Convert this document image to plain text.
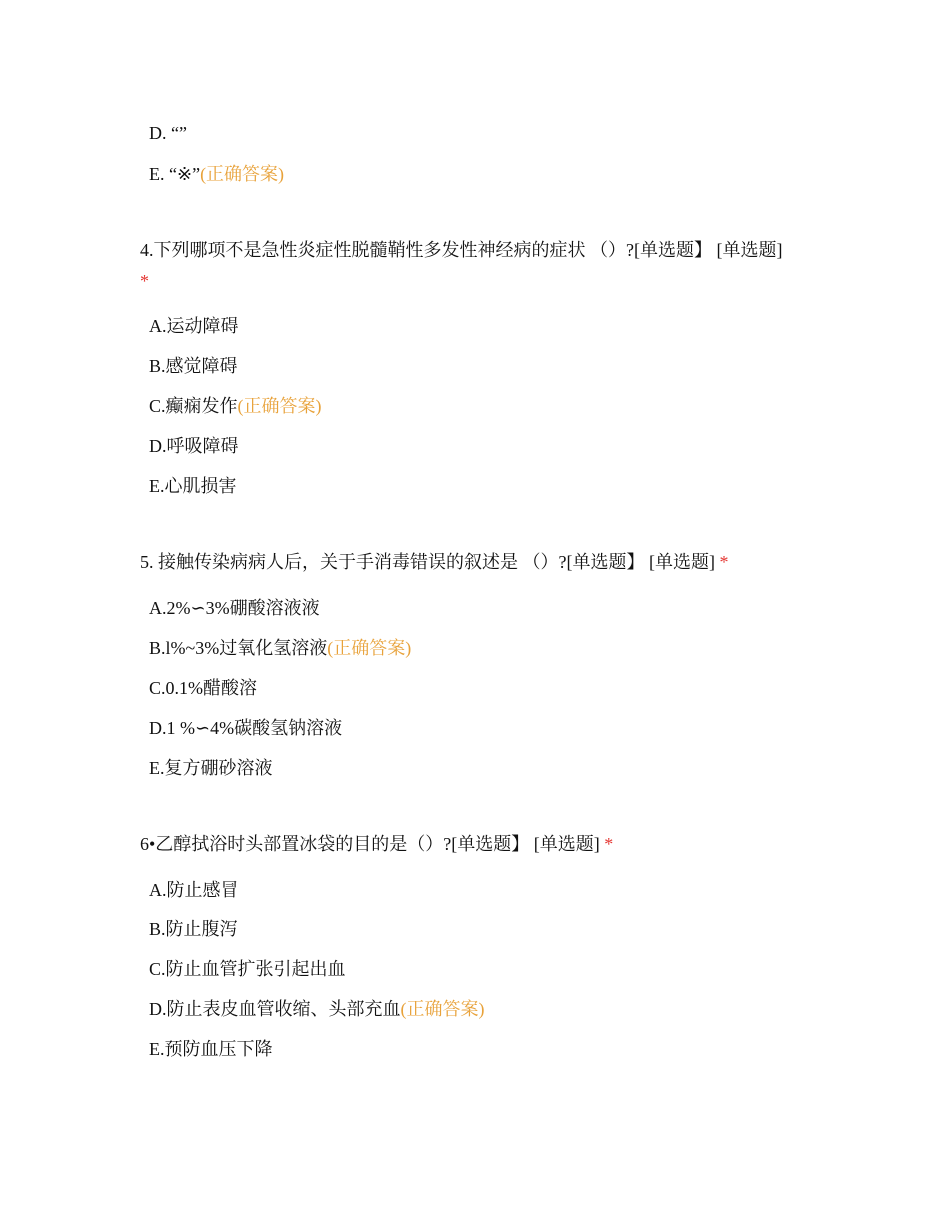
D. “”
E. “※”(正确答案)
4.下列哪项不是急性炎症性脱髓鞘性多发性神经病的症状 （）?[单选题】 [单选题]
*
A.运动障碍
B.感觉障碍
C.癫痫发作(正确答案)
D.呼吸障碍
E.心肌损害
5. 接触传染病病人后，关于手消毒错误的叙述是 （）?[单选题】 [单选题] *
A.2%∽3%硼酸溶液液
B.l%~3%过氧化氢溶液(正确答案)
C.0.1%醋酸溶
D.1 %∽4%碳酸氢钠溶液
E.复方硼砂溶液
6•乙醇拭浴时头部置冰袋的目的是（）?[单选题】 [单选题] *
A.防止感冒
B.防止腹泻
C.防止血管扩张引起出血
D.防止表皮血管收缩、头部充血(正确答案)
E.预防血压下降
